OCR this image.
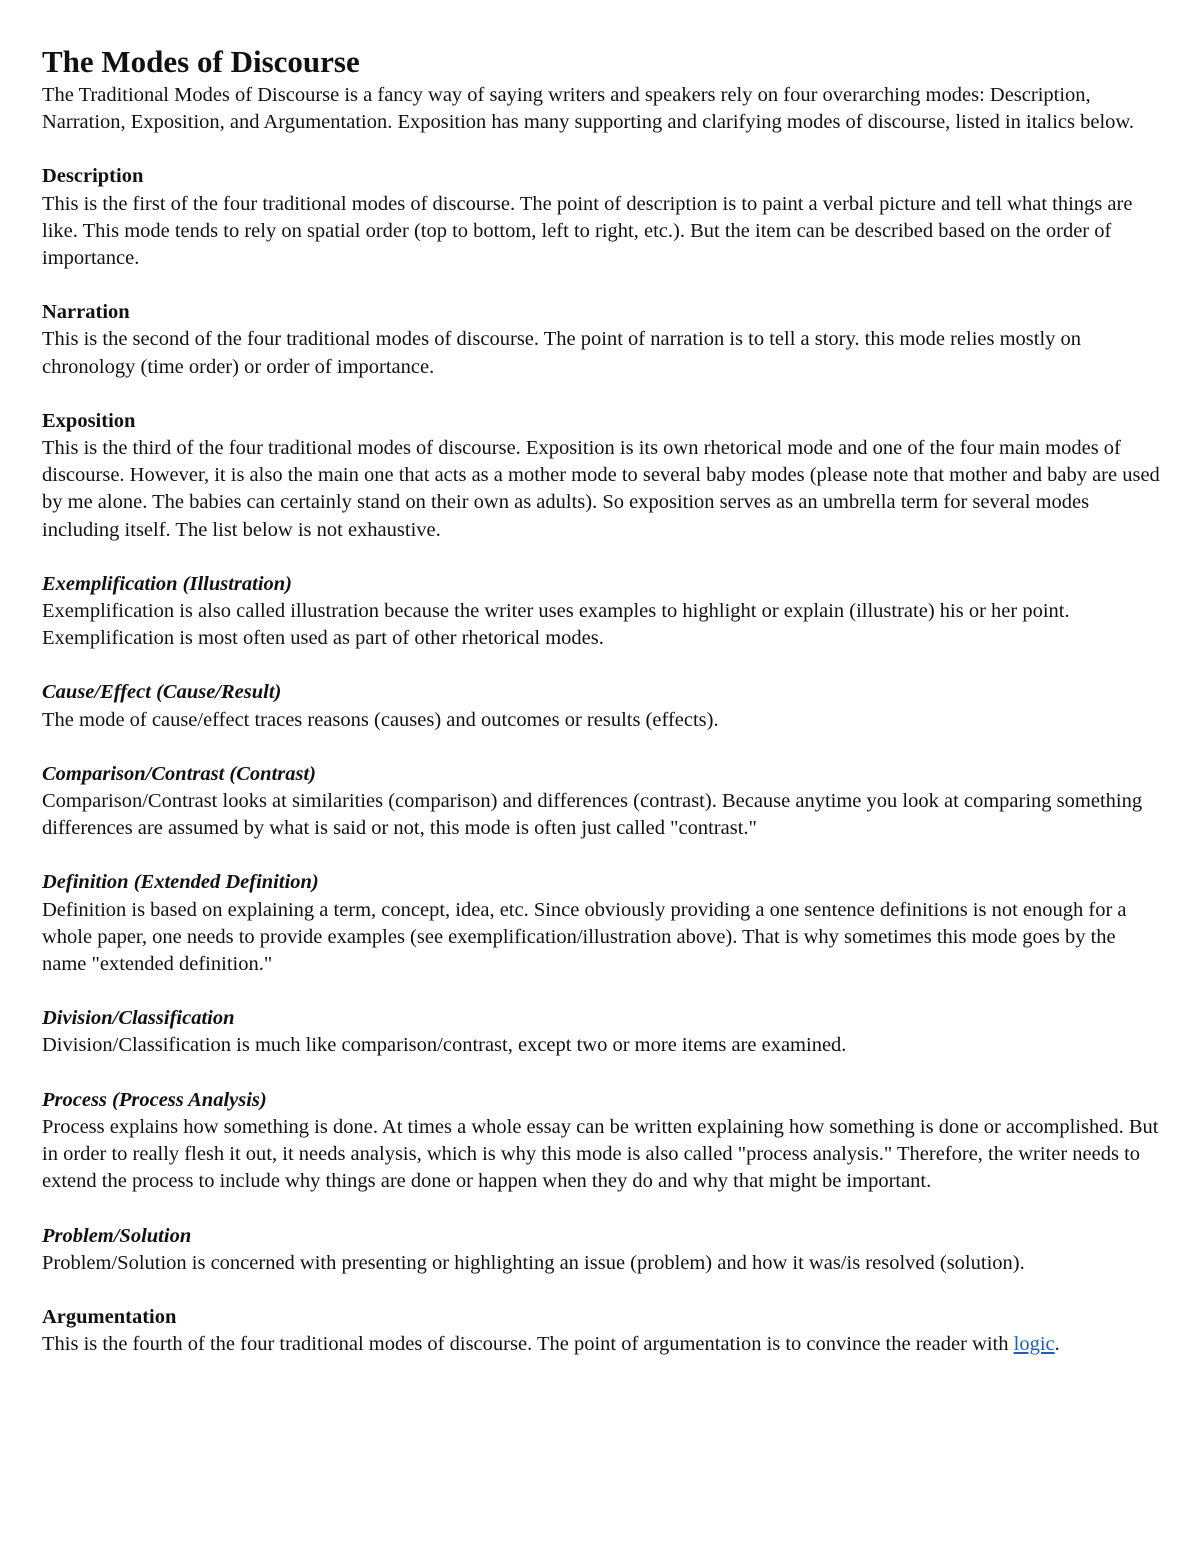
The Modes of Discourse

The Traditional Modes of Discourse is a fancy way of saying writers and speakers rely on four overarching modes: Description, Narration, Exposition, and Argumentation. Exposition has many supporting and clarifying modes of discourse, listed in italics below.

Description

This is the first of the four traditional modes of discourse. The point of description is to paint a verbal picture and tell what things are like. This mode tends to rely on spatial order (top to bottom, left to right, etc.). But the item can be described based on the order of importance.

Narration

This is the second of the four traditional modes of discourse. The point of narration is to tell a story. this mode relies mostly on chronology (time order) or order of importance.

Exposition

This is the third of the four traditional modes of discourse. Exposition is its own rhetorical mode and one of the four main modes of discourse. However, it is also the main one that acts as a mother mode to several baby modes (please note that mother and baby are used by me alone. The babies can certainly stand on their own as adults). So exposition serves as an umbrella term for several modes including itself. The list below is not exhaustive.

Exemplification (Illustration)

Exemplification is also called illustration because the writer uses examples to highlight or explain (illustrate) his or her point. Exemplification is most often used as part of other rhetorical modes.

Cause/Effect (Cause/Result)

The mode of cause/effect traces reasons (causes) and outcomes or results (effects).

Comparison/Contrast (Contrast)

Comparison/Contrast looks at similarities (comparison) and differences (contrast). Because anytime you look at comparing something differences are assumed by what is said or not, this mode is often just called "contrast."

Definition (Extended Definition)

Definition is based on explaining a term, concept, idea, etc. Since obviously providing a one sentence definitions is not enough for a whole paper, one needs to provide examples (see exemplification/illustration above). That is why sometimes this mode goes by the name "extended definition."

Division/Classification

Division/Classification is much like comparison/contrast, except two or more items are examined.

Process (Process Analysis)

Process explains how something is done. At times a whole essay can be written explaining how something is done or accomplished. But in order to really flesh it out, it needs analysis, which is why this mode is also called "process analysis." Therefore, the writer needs to extend the process to include why things are done or happen when they do and why that might be important.

Problem/Solution

Problem/Solution is concerned with presenting or highlighting an issue (problem) and how it was/is resolved (solution).

Argumentation

This is the fourth of the four traditional modes of discourse. The point of argumentation is to convince the reader with logic.
